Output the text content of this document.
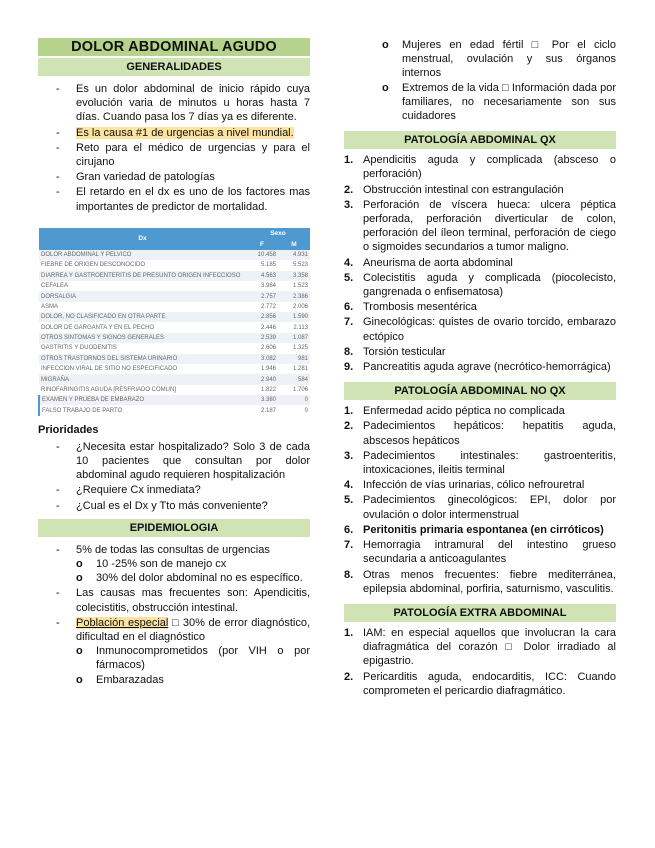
DOLOR ABDOMINAL AGUDO
GENERALIDADES
- Es un dolor abdominal de inicio rápido cuya evolución varia de minutos u horas hasta 7 días. Cuando pasa los 7 días ya es diferente.
- Es la causa #1 de urgencias a nivel mundial.
- Reto para el médico de urgencias y para el cirujano
- Gran variedad de patologías
- El retardo en el dx es uno de los factores mas importantes de predictor de mortalidad.
Dx	Sexo	
	F	M
DOLOR ABDOMINAL Y PELVICO	10.458	4.931
FIEBRE DE ORIGEN DESCONOCIDO	5.185	5.523
DIARREA Y GASTROENTERITIS DE PRESUNTO ORIGEN INFECCIOSO	4.563	3.358
CEFALEA	3.984	1.523
DORSALGIA	2.757	2.386
ASMA	2.772	2.006
DOLOR, NO CLASIFICADO EN OTRA PARTE	2.856	1.590
DOLOR DE GARGANTA Y EN EL PECHO	2.446	2.113
OTROS SINTOMAS Y SIGNOS GENERALES	2.539	1.087
GASTRITIS Y DUODENITIS	2.606	1.325
OTROS TRASTORNOS DEL SISTEMA URINARIO	3.082	981
INFECCION VIRAL DE SITIO NO ESPECIFICADO	1.946	1.281
MIGRAÑA	2.940	584
RINOFARINGITIS AGUDA [RESFRIADO COMUN]	1.822	1.706
EXAMEN Y PRUEBA DE EMBARAZO	3.380	0
FALSO TRABAJO DE PARTO	2.187	0
Prioridades
- ¿Necesita estar hospitalizado? Solo 3 de cada 10 pacientes que consultan por dolor abdominal agudo requieren hospitalización
- ¿Requiere Cx inmediata?
- ¿Cual es el Dx y Tto más conveniente?
EPIDEMIOLOGIA
- 5% de todas las consultas de urgencias
o 10 -25% son de manejo cx
o 30% del dolor abdominal no es específico.
- Las causas mas frecuentes son: Apendicitis, colecistitis, obstrucción intestinal.
- Población especial □ 30% de error diagnóstico, dificultad en el diagnóstico
o Inmunocomprometidos (por VIH o por fármacos)
o Embarazadas
o Mujeres en edad fértil □ Por el ciclo menstrual, ovulación y sus órganos internos
o Extremos de la vida □ Información dada por familiares, no necesariamente son sus cuidadores
PATOLOGÍA ABDOMINAL QX
1. Apendicitis aguda y complicada (absceso o perforación)
2. Obstrucción intestinal con estrangulación
3. Perforación de víscera hueca: ulcera péptica perforada, perforación diverticular de colon, perforación del íleon terminal, perforación de ciego o sigmoides secundarios a tumor maligno.
4. Aneurisma de aorta abdominal
5. Colecistitis aguda y complicada (piocolecisto, gangrenada o enfisematosa)
6. Trombosis mesentérica
7. Ginecológicas: quistes de ovario torcido, embarazo ectópico
8. Torsión testicular
9. Pancreatitis aguda agrave (necrótico-hemorrágica)
PATOLOGÍA ABDOMINAL NO QX
1. Enfermedad acido péptica no complicada
2. Padecimientos hepáticos: hepatitis aguda, abscesos hepáticos
3. Padecimientos intestinales: gastroenteritis, intoxicaciones, ileitis terminal
4. Infección de vías urinarias, cólico nefrouretral
5. Padecimientos ginecológicos: EPI, dolor por ovulación o dolor intermenstrual
6. Peritonitis primaria espontanea (en cirróticos)
7. Hemorragia intramural del intestino grueso secundaria a anticoagulantes
8. Otras menos frecuentes: fiebre mediterránea, epilepsia abdominal, porfiria, saturnismo, vasculitis.
PATOLOGÍA EXTRA ABDOMINAL
1. IAM: en especial aquellos que involucran la cara diafragmática del corazón □ Dolor irradiado al epigastrio.
2. Pericarditis aguda, endocarditis, ICC: Cuando comprometen el pericardio diafragmático.
